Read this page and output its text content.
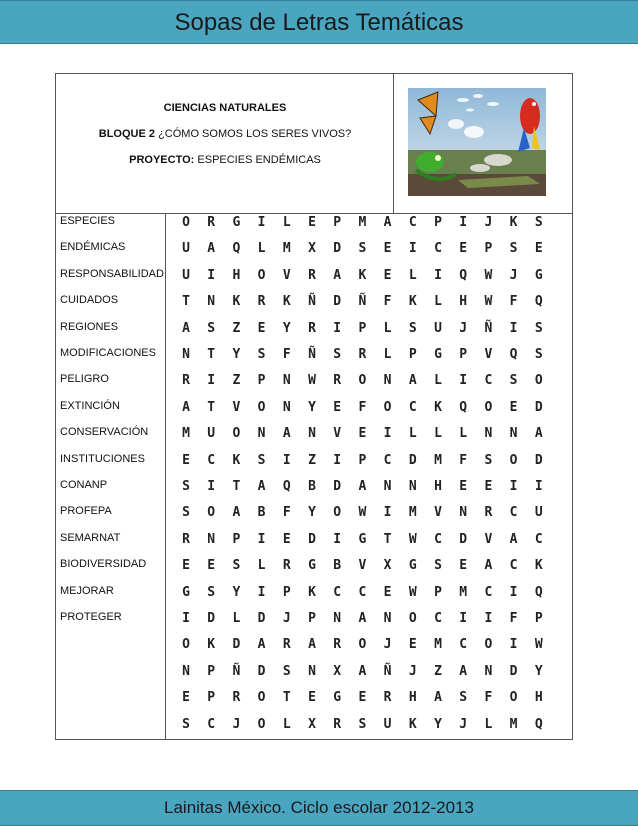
Sopas de Letras Temáticas
CIENCIAS NATURALES
BLOQUE 2 ¿CÓMO SOMOS LOS SERES VIVOS?
PROYECTO: ESPECIES ENDÉMICAS
ESPECIES
ENDÉMICAS
RESPONSABILIDAD
CUIDADOS
REGIONES
MODIFICACIONES
PELIGRO
EXTINCIÓN
CONSERVACIÓN
INSTITUCIONES
CONANP
PROFEPA
SEMARNAT
BIODIVERSIDAD
MEJORAR
PROTEGER
O	R	G	I	L	E	P	M	A	C	P	I	J	K	S
U	A	Q	L	M	X	D	S	E	I	C	E	P	S	E
U	I	H	O	V	R	A	K	E	L	I	Q	W	J	G
T	N	K	R	K	Ñ	D	Ñ	F	K	L	H	W	F	Q
A	S	Z	E	Y	R	I	P	L	S	U	J	Ñ	I	S
N	T	Y	S	F	Ñ	S	R	L	P	G	P	V	Q	S
R	I	Z	P	N	W	R	O	N	A	L	I	C	S	O
A	T	V	O	N	Y	E	F	O	C	K	Q	O	E	D
M	U	O	N	A	N	V	E	I	L	L	L	N	N	A
E	C	K	S	I	Z	I	P	C	D	M	F	S	O	D
S	I	T	A	Q	B	D	A	N	N	H	E	E	I	I
S	O	A	B	F	Y	O	W	I	M	V	N	R	C	U
R	N	P	I	E	D	I	G	T	W	C	D	V	A	C
E	E	S	L	R	G	B	V	X	G	S	E	A	C	K
G	S	Y	I	P	K	C	C	E	W	P	M	C	I	Q
I	D	L	D	J	P	N	A	N	O	C	I	I	F	P
O	K	D	A	R	A	R	O	J	E	M	C	O	I	W
N	P	Ñ	D	S	N	X	A	Ñ	J	Z	A	N	D	Y
E	P	R	O	T	E	G	E	R	H	A	S	F	O	H
S	C	J	O	L	X	R	S	U	K	Y	J	L	M	Q
Lainitas México. Ciclo escolar 2012-2013
